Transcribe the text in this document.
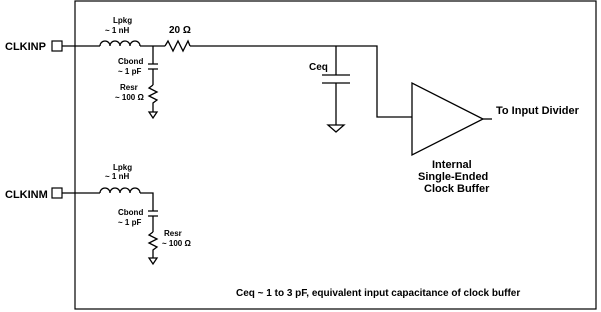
CLKINP
Lpkg
~ 1 nH	20 Ω
Cbond
~ 1 pF
Resr
~ 100 Ω
Ceq
To Input Divider
Internal
Single-Ended
Clock Buffer
CLKINM
Lpkg
~ 1 nH
Cbond
~ 1 pF
Resr
~ 100 Ω
Ceq ~ 1 to 3 pF, equivalent input capacitance of clock buffer
